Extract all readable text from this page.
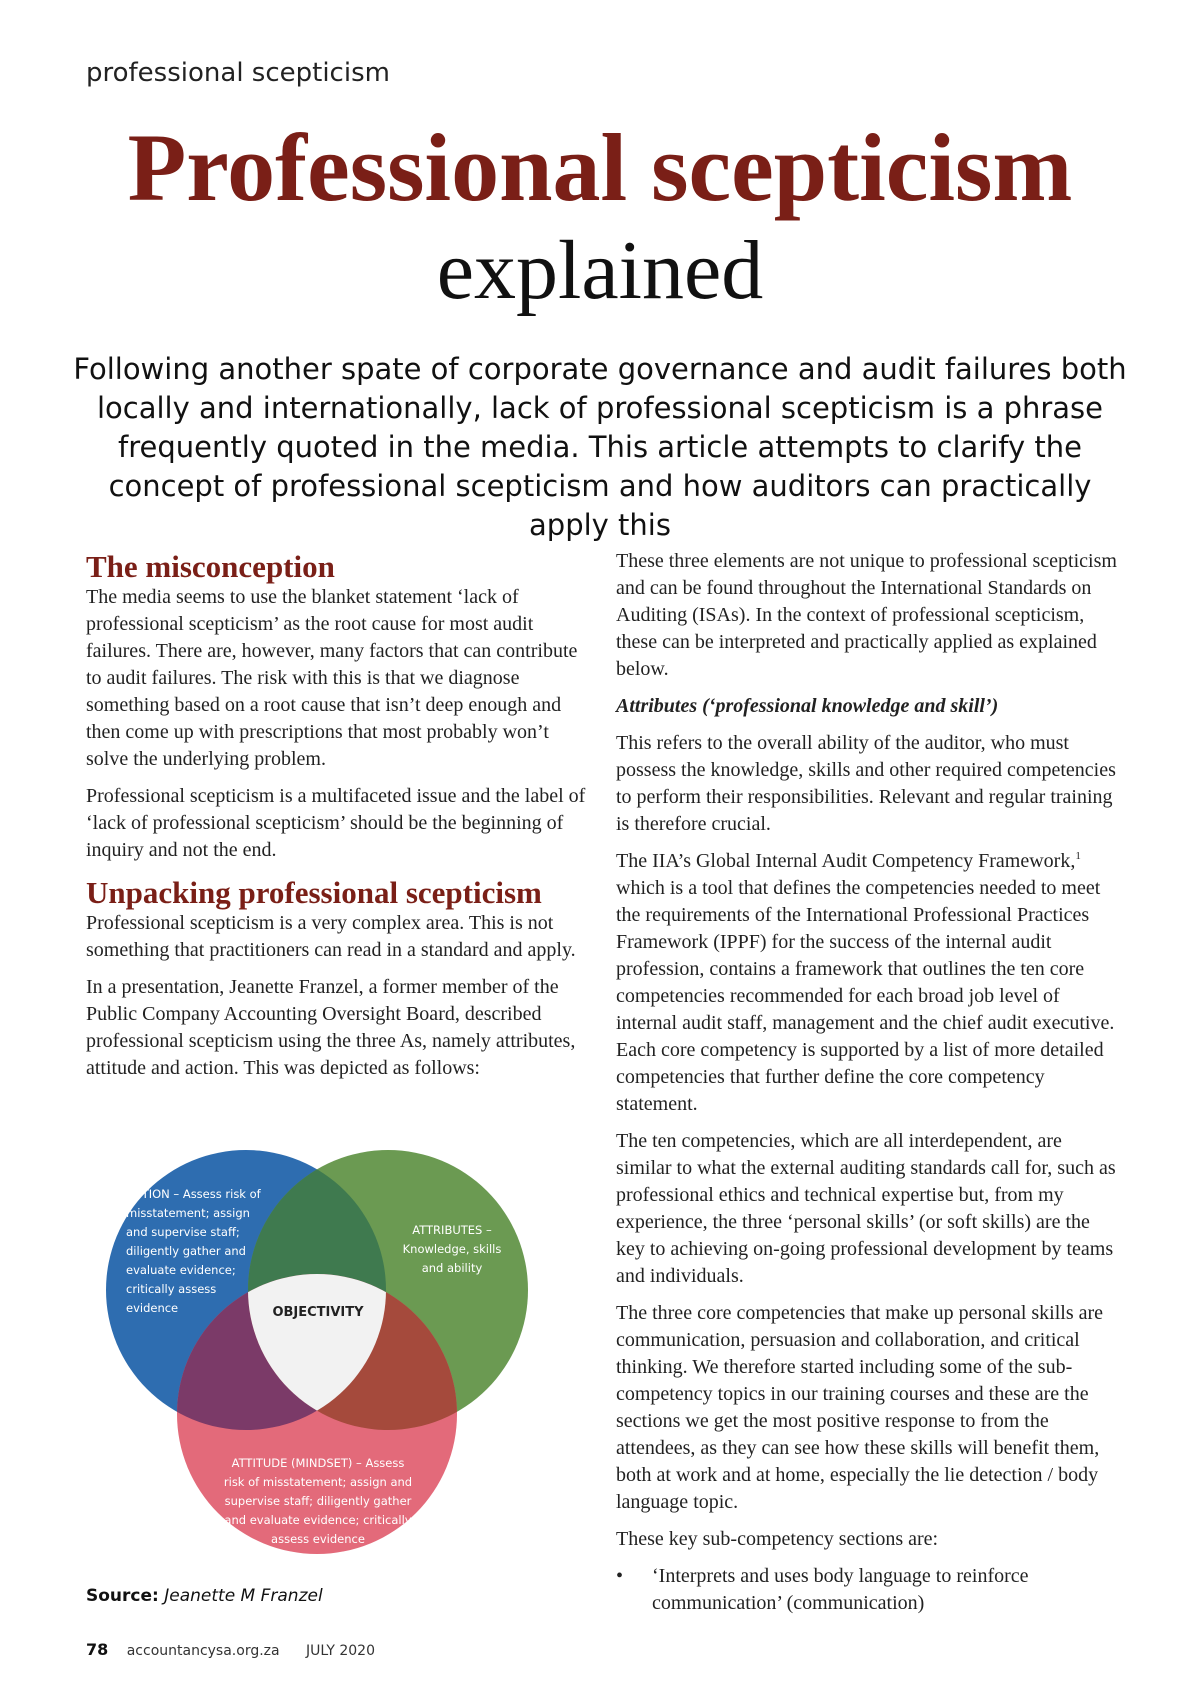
professional scepticism
Professional scepticism
explained
Following another spate of corporate governance and audit failures both locally and internationally, lack of professional scepticism is a phrase frequently quoted in the media. This article attempts to clarify the concept of professional scepticism and how auditors can practically apply this
The misconception

The media seems to use the blanket statement ‘lack of professional scepticism’ as the root cause for most audit failures. There are, however, many factors that can contribute to audit failures. The risk with this is that we diagnose something based on a root cause that isn’t deep enough and then come up with prescriptions that most probably won’t solve the underlying problem.

Professional scepticism is a multifaceted issue and the label of ‘lack of professional scepticism’ should be the beginning of inquiry and not the end.

Unpacking professional scepticism

Professional scepticism is a very complex area. This is not something that practitioners can read in a standard and apply.

In a presentation, Jeanette Franzel, a former member of the Public Company Accounting Oversight Board, described professional scepticism using the three As, namely attributes, attitude and action. This was depicted as follows:

ACTION – Assess risk of misstatement; assign and supervise staff; diligently gather and evaluate evidence; critically assess evidence
ATTRIBUTES – Knowledge, skills and ability
ATTITUDE (MINDSET) – Assess risk of misstatement; assign and supervise staff; diligently gather and evaluate evidence; critically assess evidence
OBJECTIVITY
Source: Jeanette M Franzel

These three elements are not unique to professional scepticism and can be found throughout the International Standards on Auditing (ISAs). In the context of professional scepticism, these can be interpreted and practically applied as explained below.

Attributes (‘professional knowledge and skill’)

This refers to the overall ability of the auditor, who must possess the knowledge, skills and other required competencies to perform their responsibilities. Relevant and regular training is therefore crucial.

The IIA’s Global Internal Audit Competency Framework,$^1$ which is a tool that defines the competencies needed to meet the requirements of the International Professional Practices Framework (IPPF) for the success of the internal audit profession, contains a framework that outlines the ten core competencies recommended for each broad job level of internal audit staff, management and the chief audit executive. Each core competency is supported by a list of more detailed competencies that further define the core competency statement.

The ten competencies, which are all interdependent, are similar to what the external auditing standards call for, such as professional ethics and technical expertise but, from my experience, the three ‘personal skills’ (or soft skills) are the key to achieving on-going professional development by teams and individuals.

The three core competencies that make up personal skills are communication, persuasion and collaboration, and critical thinking. We therefore started including some of the sub-competency topics in our training courses and these are the sections we get the most positive response to from the attendees, as they can see how these skills will benefit them, both at work and at home, especially the lie detection / body language topic.

These key sub-competency sections are:

•	‘Interprets and uses body language to reinforce communication’ (communication)
78 accountancysa.org.za JULY 2020
